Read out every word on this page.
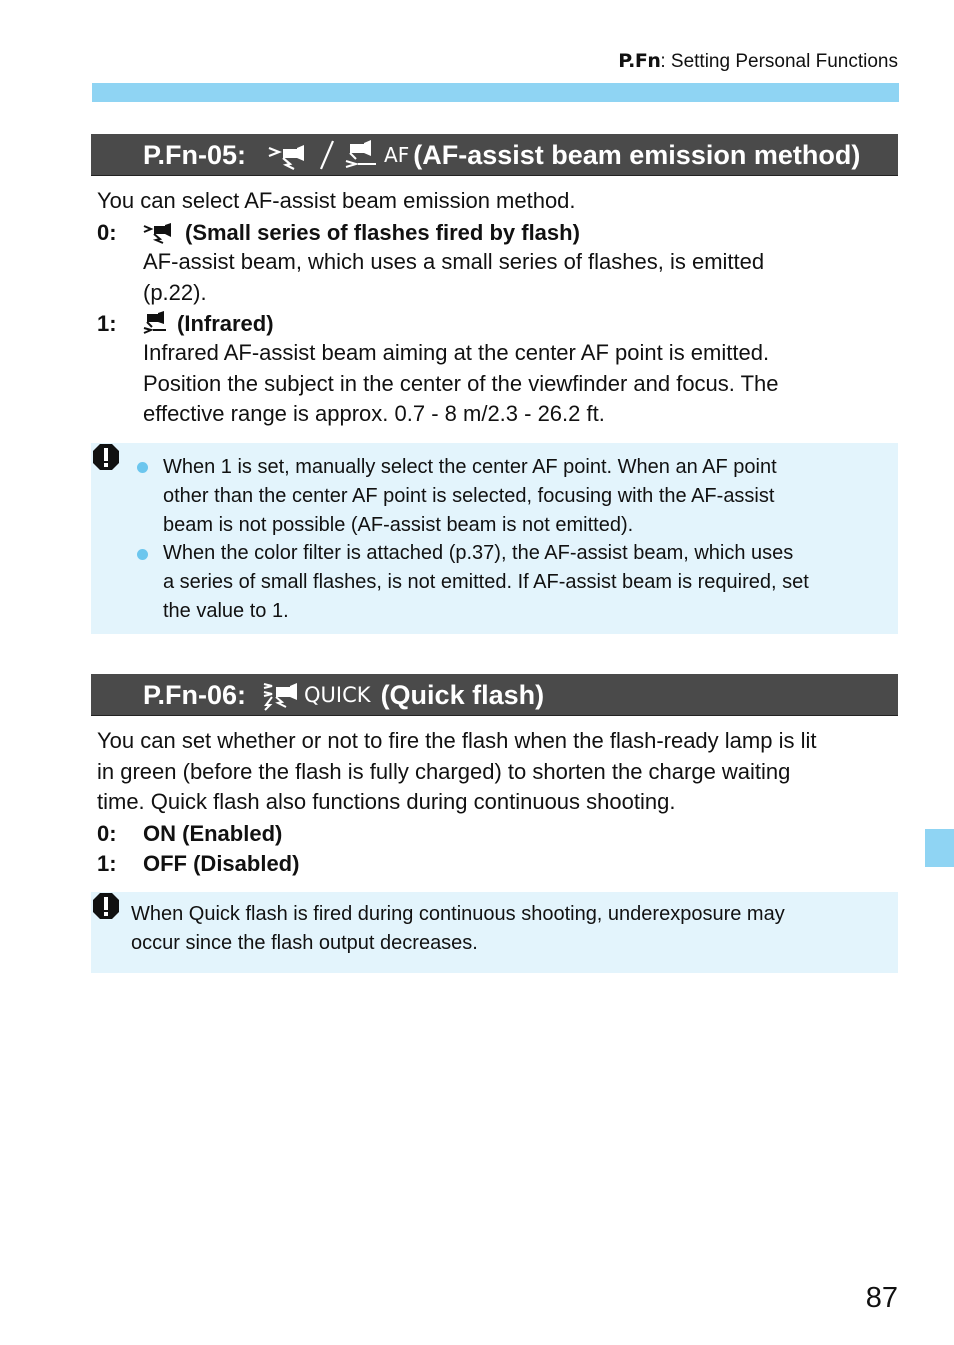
P.Fn: Setting Personal Functions
P.Fn-05:	AF (AF-assist beam emission method)
You can select AF-assist beam emission method.
0:	(Small series of flashes fired by flash)
AF-assist beam, which uses a small series of flashes, is emitted
(p.22).
1:	(Infrared)
Infrared AF-assist beam aiming at the center AF point is emitted.
Position the subject in the center of the viewfinder and focus. The
effective range is approx. 0.7 - 8 m/2.3 - 26.2 ft.
When 1 is set, manually select the center AF point. When an AF point
other than the center AF point is selected, focusing with the AF-assist
beam is not possible (AF-assist beam is not emitted).
When the color filter is attached (p.37), the AF-assist beam, which uses
a series of small flashes, is not emitted. If AF-assist beam is required, set
the value to 1.
P.Fn-06:	QUICK (Quick flash)
You can set whether or not to fire the flash when the flash-ready lamp is lit
in green (before the flash is fully charged) to shorten the charge waiting
time. Quick flash also functions during continuous shooting.
0: ON (Enabled)
1: OFF (Disabled)
When Quick flash is fired during continuous shooting, underexposure may
occur since the flash output decreases.
87
